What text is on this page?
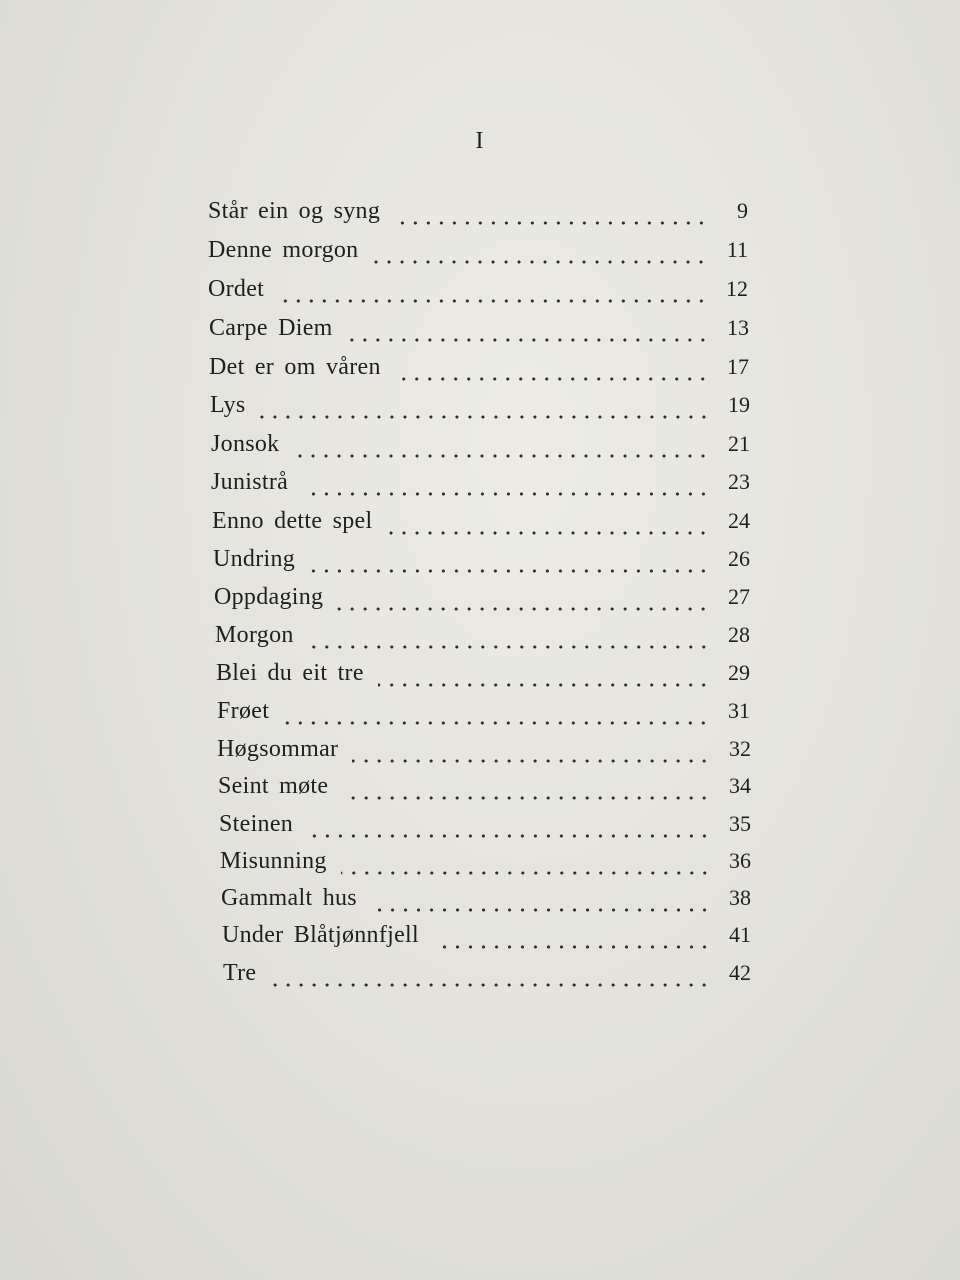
I
Står ein og syng	9
Denne morgon	11
Ordet	12
Carpe Diem	13
Det er om våren	17
Lys	19
Jonsok	21
Junistrå	23
Enno dette spel	24
Undring	26
Oppdaging	27
Morgon	28
Blei du eit tre	29
Frøet	31
Høgsommar	32
Seint møte	34
Steinen	35
Misunning	36
Gammalt hus	38
Under Blåtjønnfjell	41
Tre	42
